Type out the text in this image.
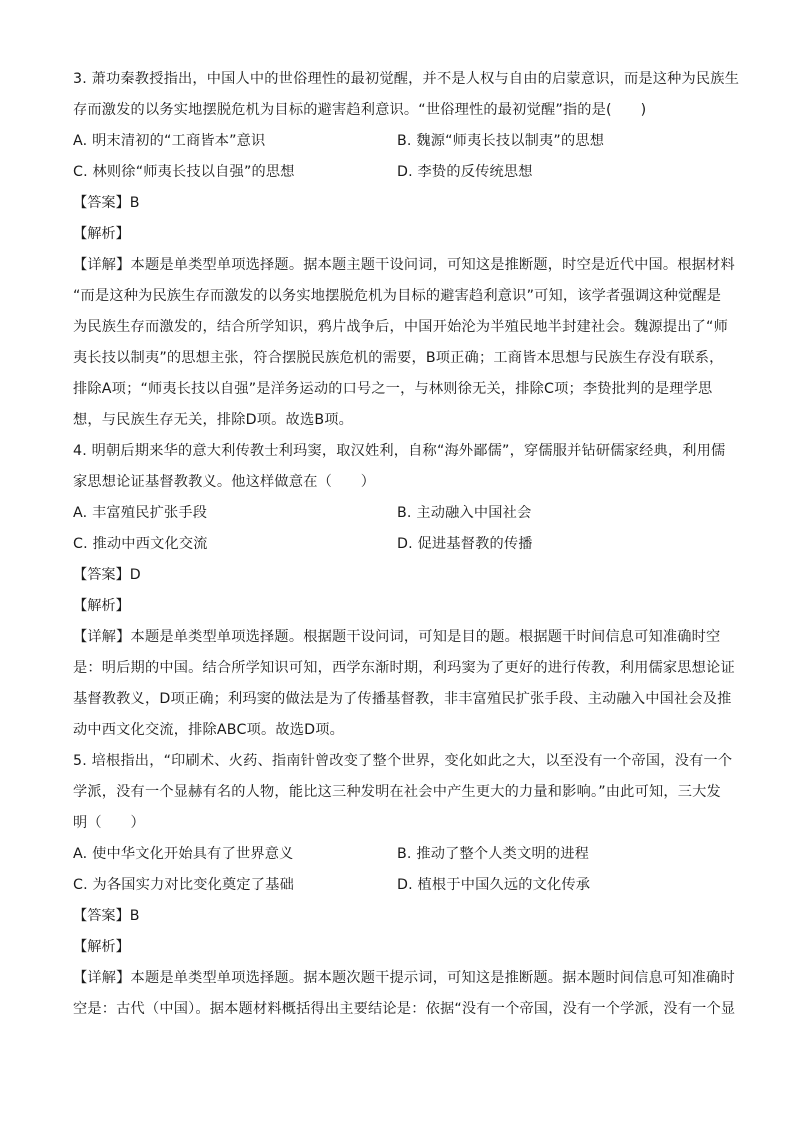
3. 萧功秦教授指出，中国人中的世俗理性的最初觉醒，并不是人权与自由的启蒙意识，而是这种为民族生
存而激发的以务实地摆脱危机为目标的避害趋利意识。“世俗理性的最初觉醒”指的是(　　)
A. 明末清初的“工商皆本”意识	B. 魏源“师夷长技以制夷”的思想
C. 林则徐“师夷长技以自强”的思想	D. 李贽的反传统思想
【答案】B
【解析】
【详解】本题是单类型单项选择题。据本题主题干设问词，可知这是推断题，时空是近代中国。根据材料
“而是这种为民族生存而激发的以务实地摆脱危机为目标的避害趋利意识”可知，该学者强调这种觉醒是
为民族生存而激发的，结合所学知识，鸦片战争后，中国开始沦为半殖民地半封建社会。魏源提出了“师
夷长技以制夷”的思想主张，符合摆脱民族危机的需要，B项正确；工商皆本思想与民族生存没有联系，
排除A项；“师夷长技以自强”是洋务运动的口号之一，与林则徐无关，排除C项；李贽批判的是理学思
想，与民族生存无关，排除D项。故选B项。
4. 明朝后期来华的意大利传教士利玛窦，取汉姓利，自称“海外鄙儒”，穿儒服并钻研儒家经典，利用儒
家思想论证基督教教义。他这样做意在（　　）
A. 丰富殖民扩张手段	B. 主动融入中国社会
C. 推动中西文化交流	D. 促进基督教的传播
【答案】D
【解析】
【详解】本题是单类型单项选择题。根据题干设问词，可知是目的题。根据题干时间信息可知准确时空
是：明后期的中国。结合所学知识可知，西学东渐时期，利玛窦为了更好的进行传教，利用儒家思想论证
基督教教义，D项正确；利玛窦的做法是为了传播基督教，非丰富殖民扩张手段、主动融入中国社会及推
动中西文化交流，排除ABC项。故选D项。
5. 培根指出，“印刷术、火药、指南针曾改变了整个世界，变化如此之大，以至没有一个帝国，没有一个
学派，没有一个显赫有名的人物，能比这三种发明在社会中产生更大的力量和影响。”由此可知，三大发
明（　　）
A. 使中华文化开始具有了世界意义	B. 推动了整个人类文明的进程
C. 为各国实力对比变化奠定了基础	D. 植根于中国久远的文化传承
【答案】B
【解析】
【详解】本题是单类型单项选择题。据本题次题干提示词，可知这是推断题。据本题时间信息可知准确时
空是：古代（中国）。据本题材料概括得出主要结论是：依据“没有一个帝国，没有一个学派，没有一个显
